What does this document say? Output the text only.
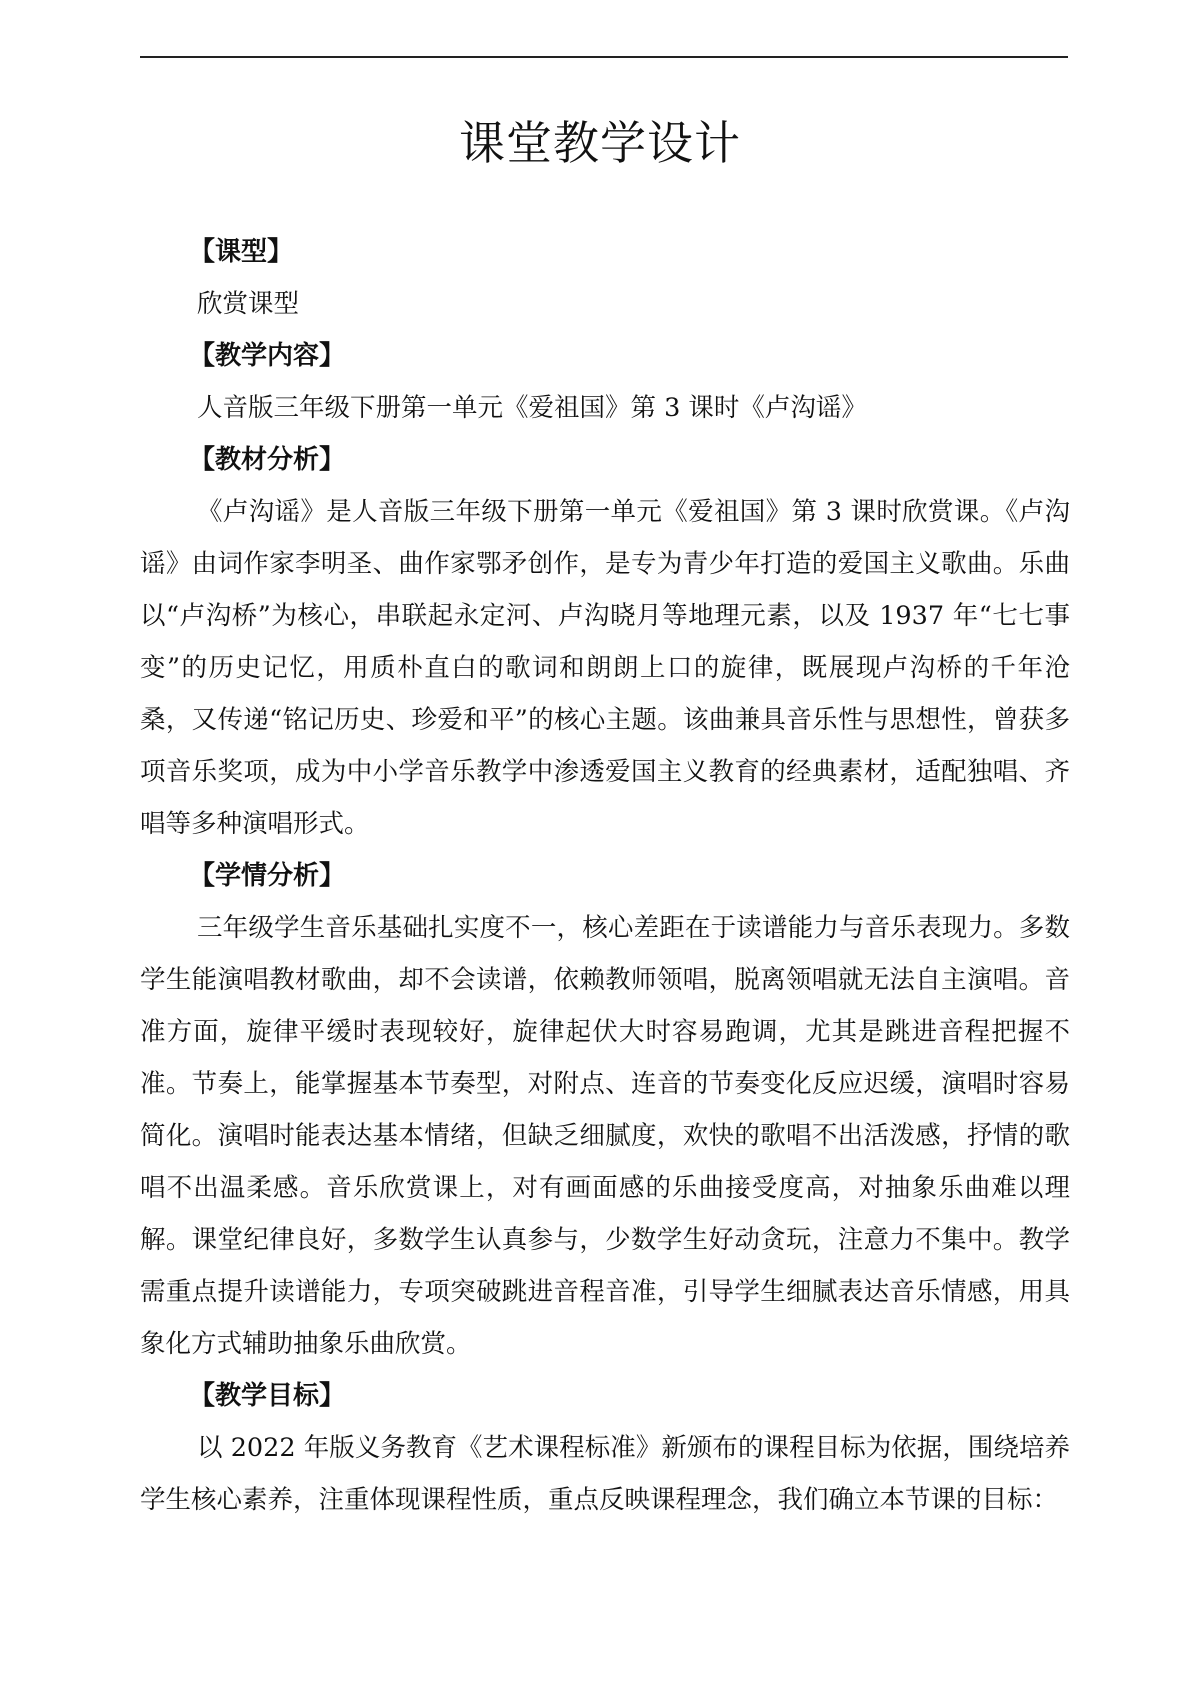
课堂教学设计
【课型】
欣赏课型
【教学内容】
人音版三年级下册第一单元《爱祖国》第 3 课时《卢沟谣》
【教材分析】

《卢沟谣》是人音版三年级下册第一单元《爱祖国》第 3 课时欣赏课。《卢沟谣》由词作家李明圣、曲作家鄂矛创作，是专为青少年打造的爱国主义歌曲。乐曲以“卢沟桥”为核心，串联起永定河、卢沟晓月等地理元素，以及 1937 年“七七事变”的历史记忆，用质朴直白的歌词和朗朗上口的旋律，既展现卢沟桥的千年沧桑，又传递“铭记历史、珍爱和平”的核心主题。该曲兼具音乐性与思想性，曾获多项音乐奖项，成为中小学音乐教学中渗透爱国主义教育的经典素材，适配独唱、齐唱等多种演唱形式。

【学情分析】

三年级学生音乐基础扎实度不一，核心差距在于读谱能力与音乐表现力。多数学生能演唱教材歌曲，却不会读谱，依赖教师领唱，脱离领唱就无法自主演唱。音准方面，旋律平缓时表现较好，旋律起伏大时容易跑调，尤其是跳进音程把握不准。节奏上，能掌握基本节奏型，对附点、连音的节奏变化反应迟缓，演唱时容易简化。演唱时能表达基本情绪，但缺乏细腻度，欢快的歌唱不出活泼感，抒情的歌唱不出温柔感。音乐欣赏课上，对有画面感的乐曲接受度高，对抽象乐曲难以理解。课堂纪律良好，多数学生认真参与，少数学生好动贪玩，注意力不集中。教学需重点提升读谱能力，专项突破跳进音程音准，引导学生细腻表达音乐情感，用具象化方式辅助抽象乐曲欣赏。

【教学目标】

以 2022 年版义务教育《艺术课程标准》新颁布的课程目标为依据，围绕培养学生核心素养，注重体现课程性质，重点反映课程理念，我们确立本节课的目标：
